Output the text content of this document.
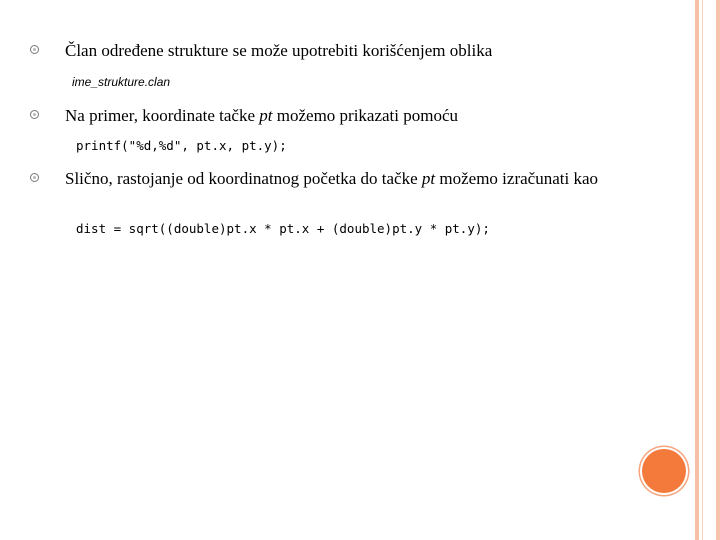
Član određene strukture se može upotrebiti korišćenjem oblika
ime_strukture.clan
Na primer, koordinate tačke pt možemo prikazati pomoću
printf("%d,%d", pt.x, pt.y);
Slično, rastojanje od koordinatnog početka do tačke pt možemo izračunati kao
dist = sqrt((double)pt.x * pt.x + (double)pt.y * pt.y);
